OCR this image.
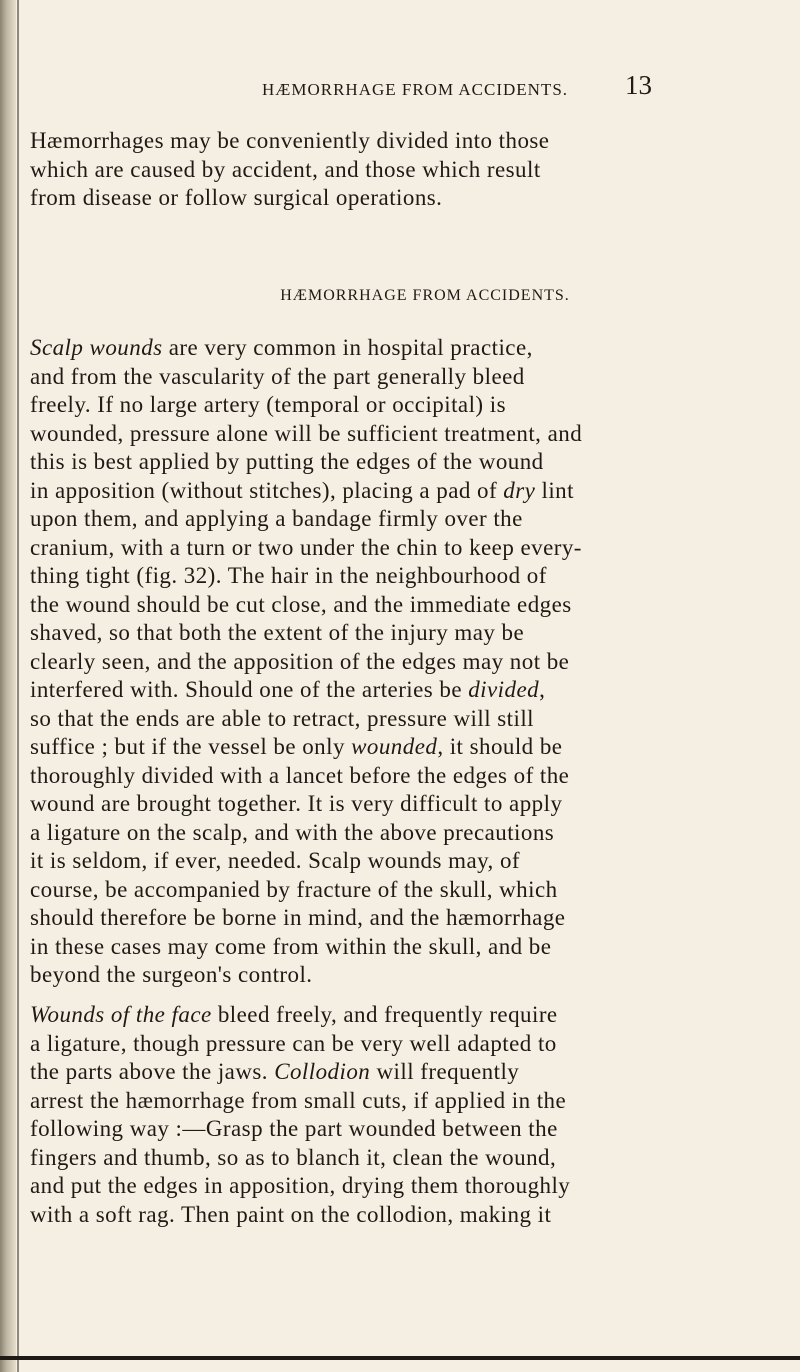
HÆMORRHAGE FROM ACCIDENTS.	13
Hæmorrhages may be conveniently divided into those
which are caused by accident, and those which result
from disease or follow surgical operations.
HÆMORRHAGE FROM ACCIDENTS.
Scalp wounds are very common in hospital practice,
and from the vascularity of the part generally bleed
freely. If no large artery (temporal or occipital) is
wounded, pressure alone will be sufficient treatment, and
this is best applied by putting the edges of the wound
in apposition (without stitches), placing a pad of dry lint
upon them, and applying a bandage firmly over the
cranium, with a turn or two under the chin to keep every-
thing tight (fig. 32). The hair in the neighbourhood of
the wound should be cut close, and the immediate edges
shaved, so that both the extent of the injury may be
clearly seen, and the apposition of the edges may not be
interfered with. Should one of the arteries be divided,
so that the ends are able to retract, pressure will still
suffice ; but if the vessel be only wounded, it should be
thoroughly divided with a lancet before the edges of the
wound are brought together. It is very difficult to apply
a ligature on the scalp, and with the above precautions
it is seldom, if ever, needed. Scalp wounds may, of
course, be accompanied by fracture of the skull, which
should therefore be borne in mind, and the hæmorrhage
in these cases may come from within the skull, and be
beyond the surgeon's control.
Wounds of the face bleed freely, and frequently require
a ligature, though pressure can be very well adapted to
the parts above the jaws. Collodion will frequently
arrest the hæmorrhage from small cuts, if applied in the
following way :—Grasp the part wounded between the
fingers and thumb, so as to blanch it, clean the wound,
and put the edges in apposition, drying them thoroughly
with a soft rag. Then paint on the collodion, making it
